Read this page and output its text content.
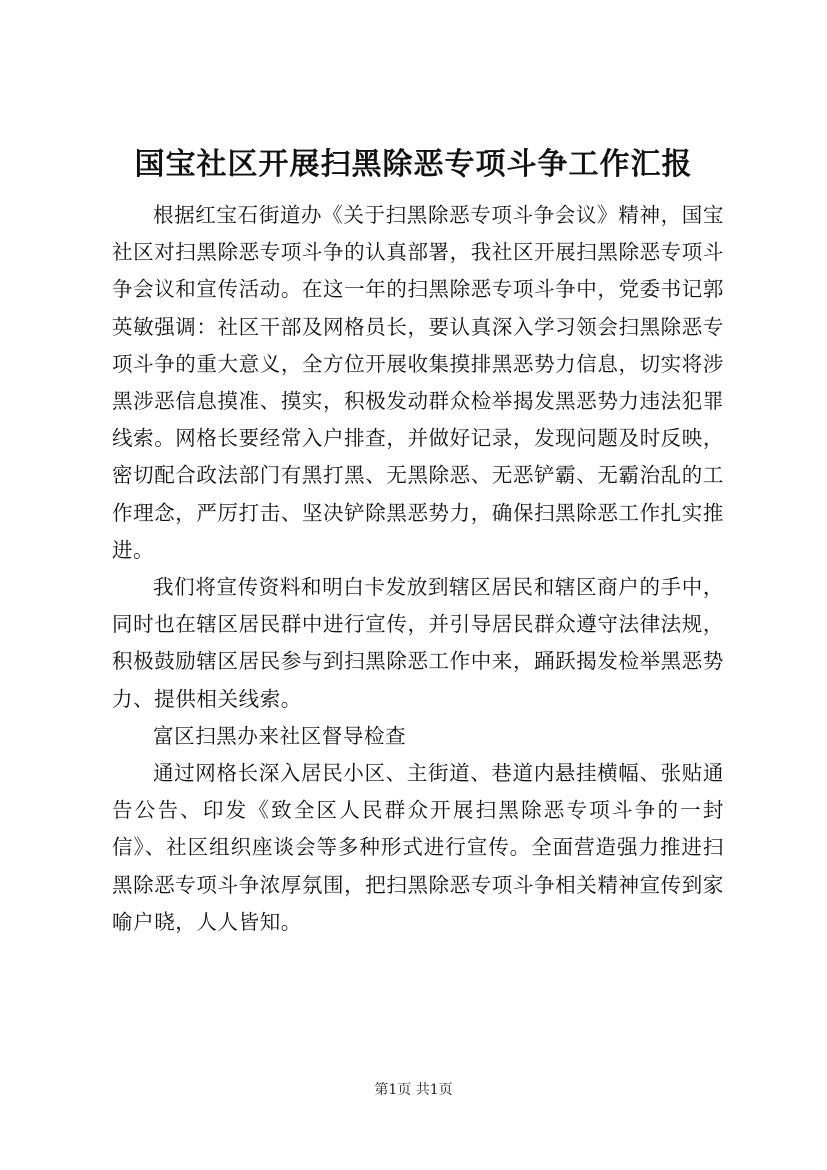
国宝社区开展扫黑除恶专项斗争工作汇报

根据红宝石街道办《关于扫黑除恶专项斗争会议》精神，国宝社区对扫黑除恶专项斗争的认真部署，我社区开展扫黑除恶专项斗争会议和宣传活动。在这一年的扫黑除恶专项斗争中，党委书记郭英敏强调：社区干部及网格员长，要认真深入学习领会扫黑除恶专项斗争的重大意义，全方位开展收集摸排黑恶势力信息，切实将涉黑涉恶信息摸准、摸实，积极发动群众检举揭发黑恶势力违法犯罪线索。网格长要经常入户排查，并做好记录，发现问题及时反映，密切配合政法部门有黑打黑、无黑除恶、无恶铲霸、无霸治乱的工作理念，严厉打击、坚决铲除黑恶势力，确保扫黑除恶工作扎实推进。

我们将宣传资料和明白卡发放到辖区居民和辖区商户的手中，同时也在辖区居民群中进行宣传，并引导居民群众遵守法律法规，积极鼓励辖区居民参与到扫黑除恶工作中来，踊跃揭发检举黑恶势力、提供相关线索。

富区扫黑办来社区督导检查

通过网格长深入居民小区、主街道、巷道内悬挂横幅、张贴通告公告、印发《致全区人民群众开展扫黑除恶专项斗争的一封信》、社区组织座谈会等多种形式进行宣传。全面营造强力推进扫黑除恶专项斗争浓厚氛围，把扫黑除恶专项斗争相关精神宣传到家喻户晓，人人皆知。

第1页 共1页
